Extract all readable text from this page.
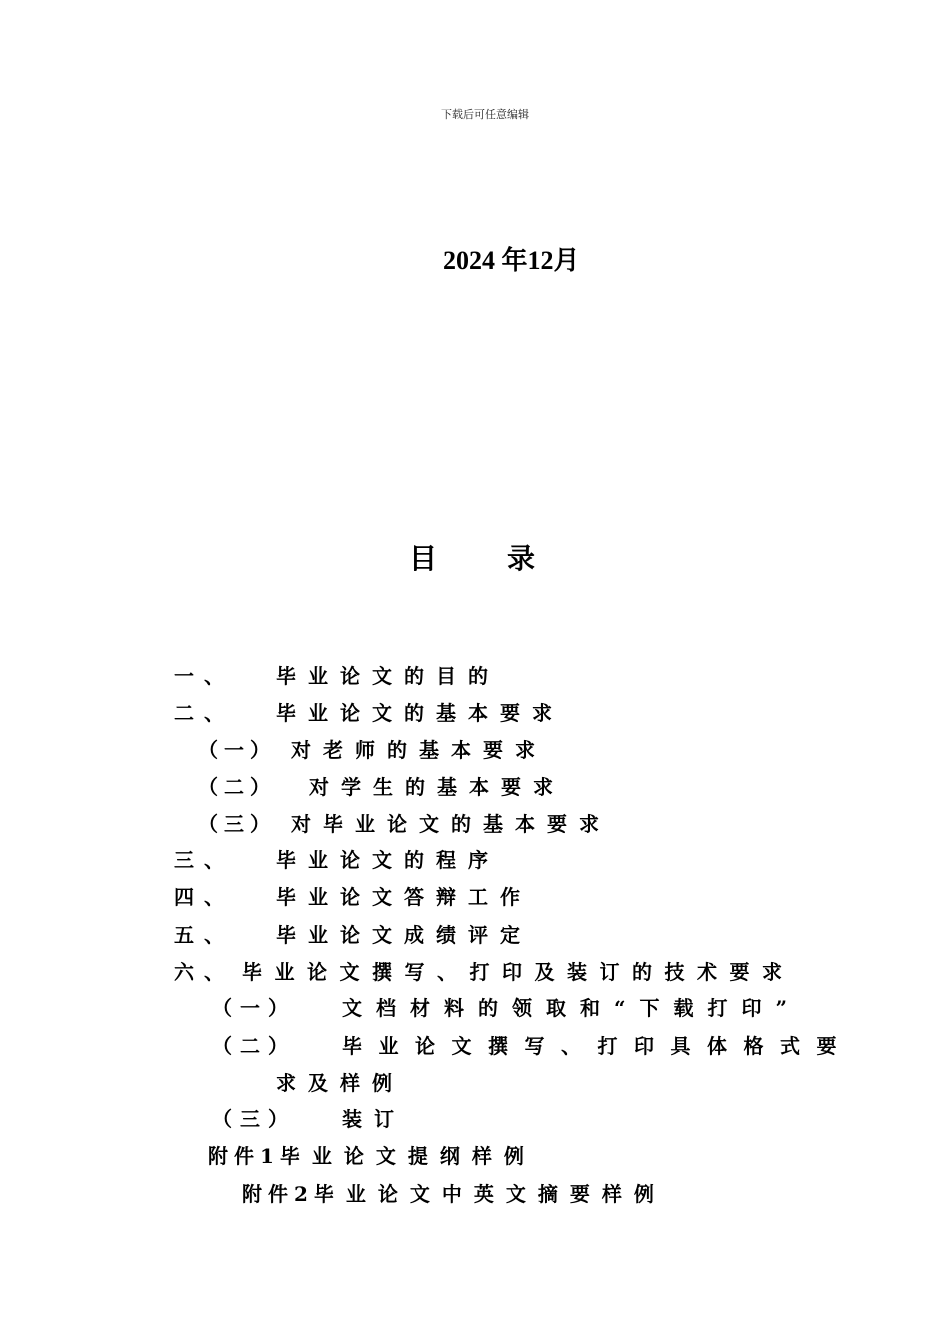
下载后可任意编辑
2024 年12月
目	录
一、 毕业论文的目的
二、 毕业论文的基本要求
（一） 对老师的基本要求
（二） 对学生的基本要求
（三） 对毕业论文的基本要求
三、 毕业论文的程序
四、 毕业论文答辩工作
五、 毕业论文成绩评定
六、 毕业论文撰写、打印及装订的技术要求
（一） 文档材料的领取和“下载打印”
（二） 毕业论文撰写、打印具体格式要
求及样例
（三） 装订
附件1毕业论文提纲样例
附件2毕业论文中英文摘要样例
